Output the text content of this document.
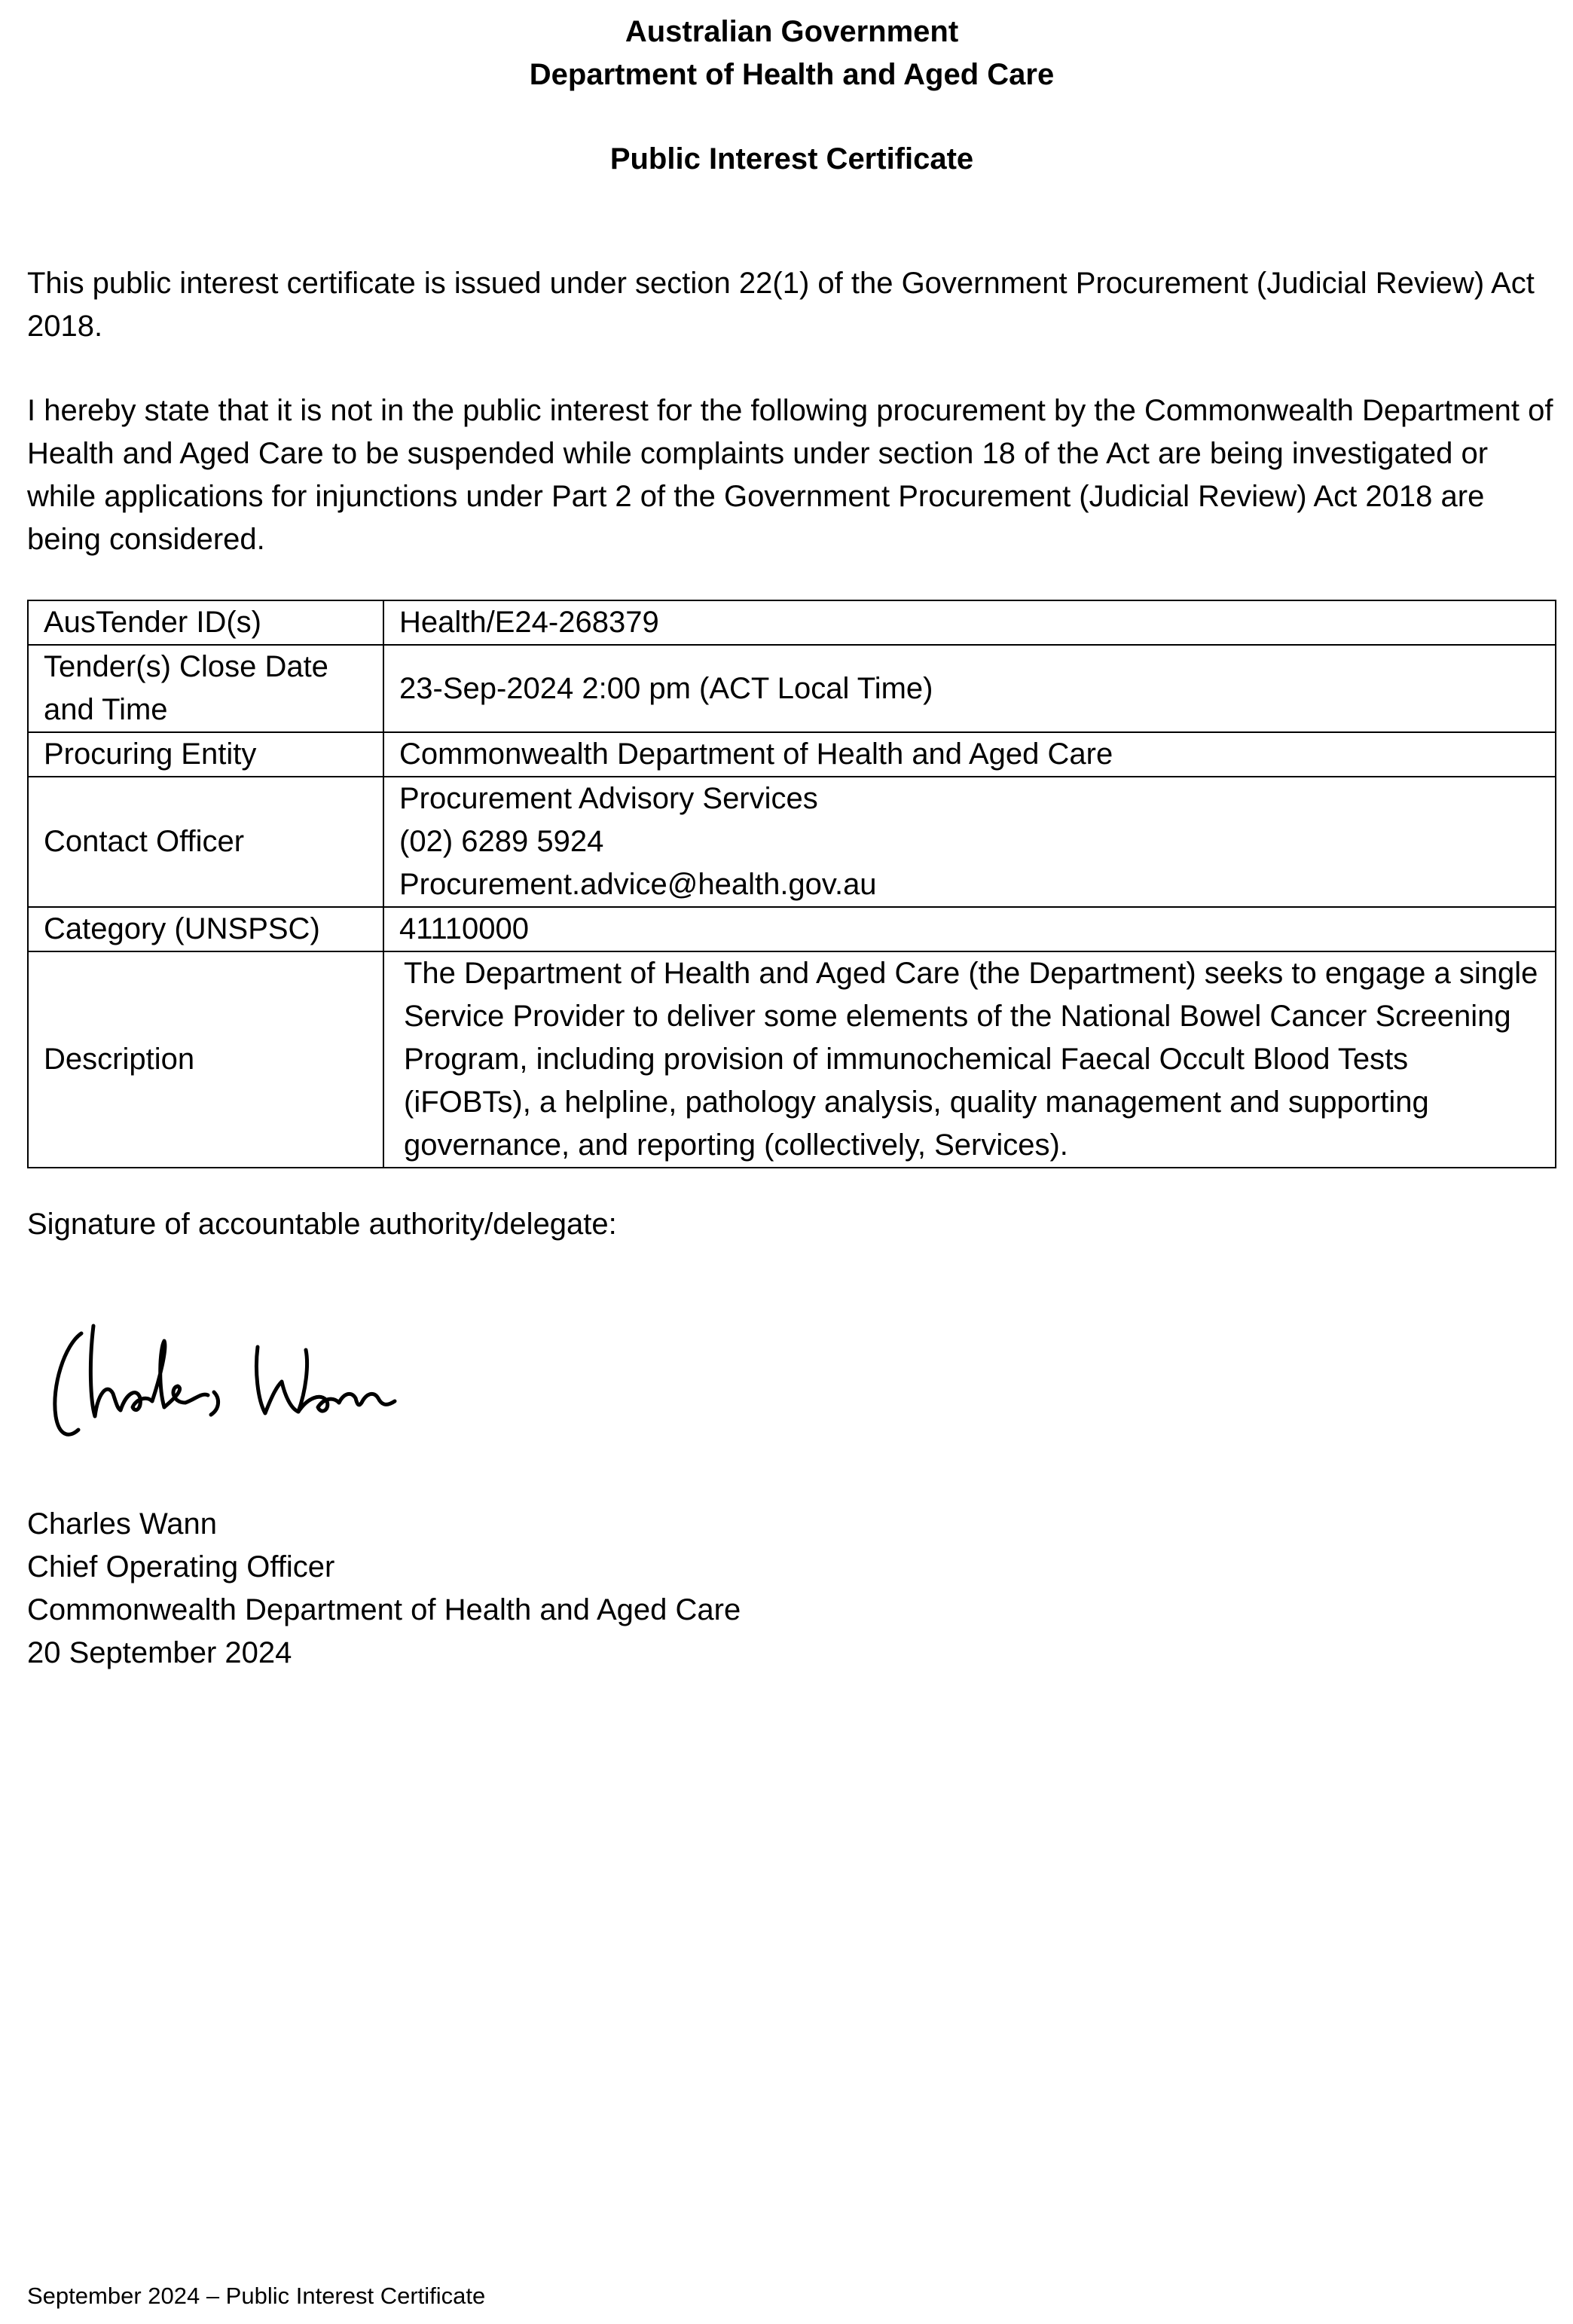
Australian Government
Department of Health and Aged Care
Public Interest Certificate
This public interest certificate is issued under section 22(1) of the Government Procurement (Judicial Review) Act 2018.
I hereby state that it is not in the public interest for the following procurement by the Commonwealth Department of Health and Aged Care to be suspended while complaints under section 18 of the Act are being investigated or while applications for injunctions under Part 2 of the Government Procurement (Judicial Review) Act 2018 are being considered.
AusTender ID(s)	Health/E24-268379
Tender(s) Close Date and Time	23-Sep-2024 2:00 pm (ACT Local Time)
Procuring Entity	Commonwealth Department of Health and Aged Care
Contact Officer	Procurement Advisory Services
(02) 6289 5924
Procurement.advice@health.gov.au

Category (UNSPSC)	41110000
Description	The Department of Health and Aged Care (the Department) seeks to engage a single Service Provider to deliver some elements of the National Bowel Cancer Screening Program, including provision of immunochemical Faecal Occult Blood Tests (iFOBTs), a helpline, pathology analysis, quality management and supporting governance, and reporting (collectively, Services).
Signature of accountable authority/delegate:
Charles Wann
Charles Wann
Chief Operating Officer
Commonwealth Department of Health and Aged Care
20 September 2024
September 2024 – Public Interest Certificate
